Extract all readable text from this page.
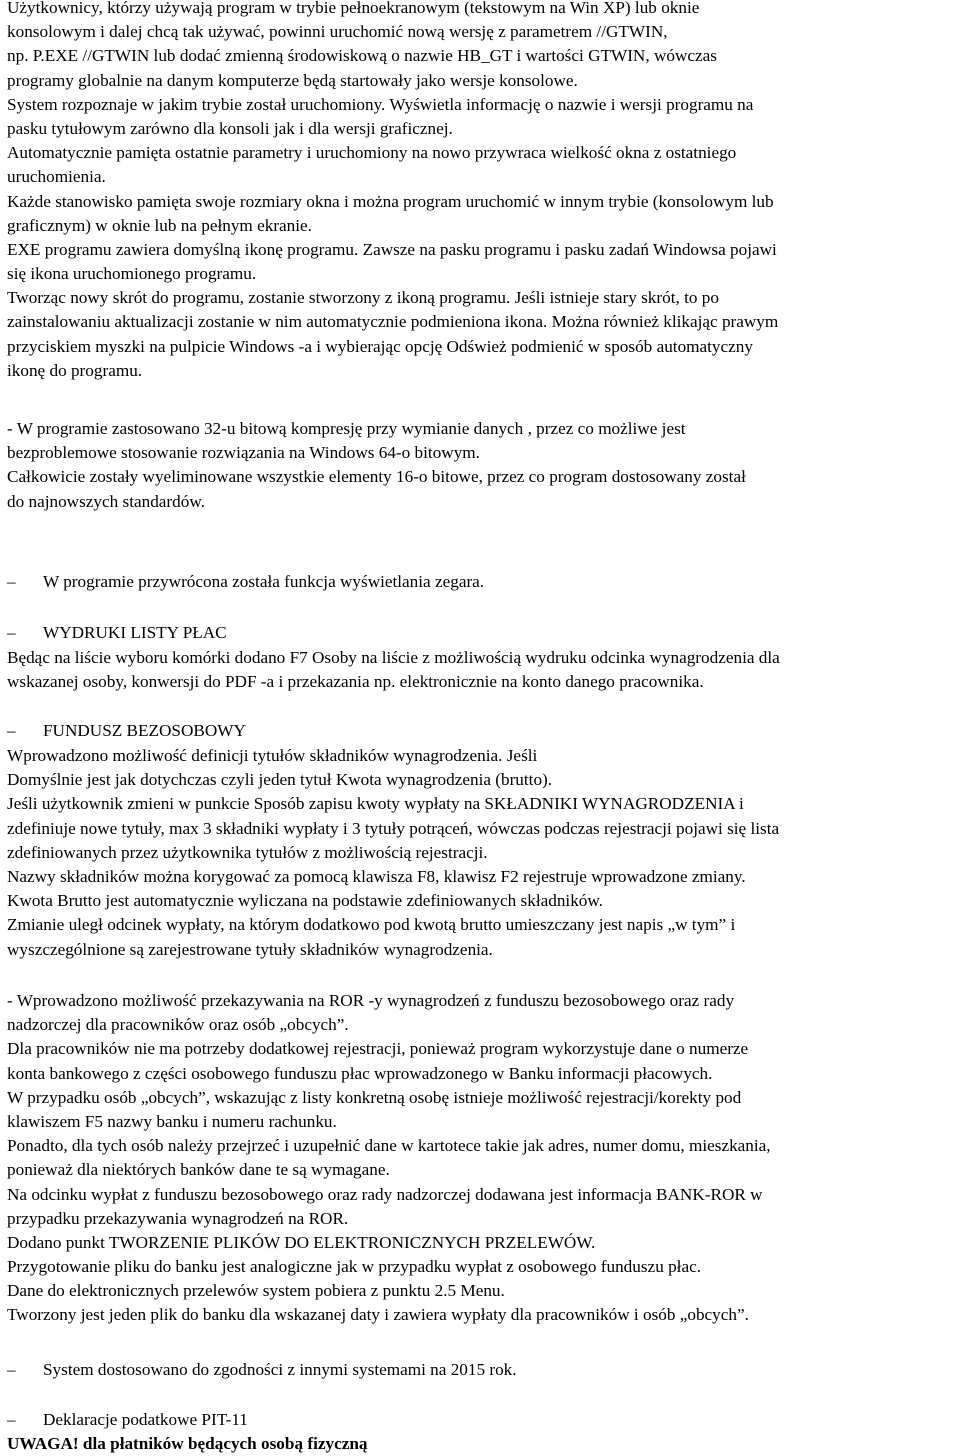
Użytkownicy, którzy używają program w trybie pełnoekranowym (tekstowym na Win XP) lub oknie
konsolowym i dalej chcą tak używać, powinni uruchomić nową wersję z parametrem //GTWIN,
np. P.EXE //GTWIN lub dodać zmienną środowiskową o nazwie HB_GT i wartości GTWIN, wówczas
programy globalnie na danym komputerze będą startowały jako wersje konsolowe.
System rozpoznaje w jakim trybie został uruchomiony. Wyświetla informację o nazwie i wersji programu na
pasku tytułowym zarówno dla konsoli jak i dla wersji graficznej.
Automatycznie pamięta ostatnie parametry i uruchomiony na nowo przywraca wielkość okna z ostatniego
uruchomienia.
Każde stanowisko pamięta swoje rozmiary okna i można program uruchomić w innym trybie (konsolowym lub
graficznym) w oknie lub na pełnym ekranie.
EXE programu zawiera domyślną ikonę programu. Zawsze na pasku programu i pasku zadań Windowsa pojawi
się ikona uruchomionego programu.
Tworząc nowy skrót do programu, zostanie stworzony z ikoną programu. Jeśli istnieje stary skrót, to po
zainstalowaniu aktualizacji zostanie w nim automatycznie podmieniona ikona. Można również klikając prawym
przyciskiem myszki na pulpicie Windows -a i wybierając opcję Odśwież podmienić w sposób automatyczny
ikonę do programu.
- W programie zastosowano 32-u bitową kompresję przy wymianie danych , przez co możliwe jest
bezproblemowe stosowanie rozwiązania na Windows 64-o bitowym.
Całkowicie zostały wyeliminowane wszystkie elementy 16-o bitowe, przez co program dostosowany został
do najnowszych standardów.
– W programie przywrócona została funkcja wyświetlania zegara.
– WYDRUKI LISTY PŁAC
Będąc na liście wyboru komórki dodano F7 Osoby na liście z możliwością wydruku odcinka wynagrodzenia dla
wskazanej osoby, konwersji do PDF -a i przekazania np. elektronicznie na konto danego pracownika.
– FUNDUSZ BEZOSOBOWY
Wprowadzono możliwość definicji tytułów składników wynagrodzenia. Jeśli
Domyślnie jest jak dotychczas czyli jeden tytuł Kwota wynagrodzenia (brutto).
Jeśli użytkownik zmieni w punkcie Sposób zapisu kwoty wypłaty na SKŁADNIKI WYNAGRODZENIA i
zdefiniuje nowe tytuły, max 3 składniki wypłaty i 3 tytuły potrąceń, wówczas podczas rejestracji pojawi się lista
zdefiniowanych przez użytkownika tytułów z możliwością rejestracji.
Nazwy składników można korygować za pomocą klawisza F8, klawisz F2 rejestruje wprowadzone zmiany.
Kwota Brutto jest automatycznie wyliczana na podstawie zdefiniowanych składników.
Zmianie uległ odcinek wypłaty, na którym dodatkowo pod kwotą brutto umieszczany jest napis „w tym” i
wyszczególnione są zarejestrowane tytuły składników wynagrodzenia.
- Wprowadzono możliwość przekazywania na ROR -y wynagrodzeń z funduszu bezosobowego oraz rady
nadzorczej dla pracowników oraz osób „obcych”.
Dla pracowników nie ma potrzeby dodatkowej rejestracji, ponieważ program wykorzystuje dane o numerze
konta bankowego z części osobowego funduszu płac wprowadzonego w Banku informacji płacowych.
W przypadku osób „obcych”, wskazując z listy konkretną osobę istnieje możliwość rejestracji/korekty pod
klawiszem F5 nazwy banku i numeru rachunku.
Ponadto, dla tych osób należy przejrzeć i uzupełnić dane w kartotece takie jak adres, numer domu, mieszkania,
ponieważ dla niektórych banków dane te są wymagane.
Na odcinku wypłat z funduszu bezosobowego oraz rady nadzorczej dodawana jest informacja BANK-ROR w
przypadku przekazywania wynagrodzeń na ROR.
Dodano punkt TWORZENIE PLIKÓW DO ELEKTRONICZNYCH PRZELEWÓW.
Przygotowanie pliku do banku jest analogiczne jak w przypadku wypłat z osobowego funduszu płac.
Dane do elektronicznych przelewów system pobiera z punktu 2.5 Menu.
Tworzony jest jeden plik do banku dla wskazanej daty i zawiera wypłaty dla pracowników i osób „obcych”.
– System dostosowano do zgodności z innymi systemami na 2015 rok.
– Deklaracje podatkowe PIT-11
UWAGA! dla płatników będących osobą fizyczną
